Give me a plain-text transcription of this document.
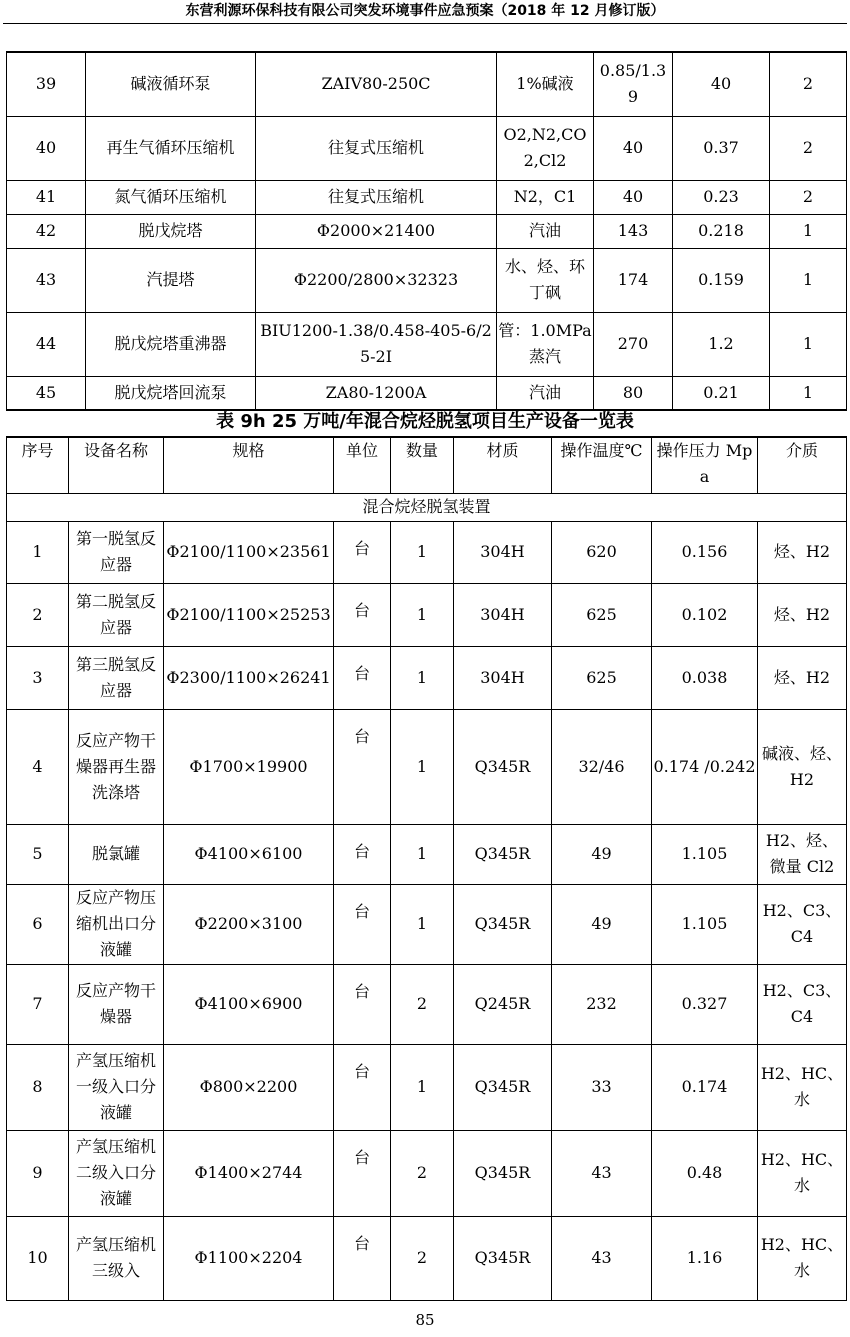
东营利源环保科技有限公司突发环境事件应急预案（2018 年 12 月修订版）
39	碱液循环泵	ZAIV80-250C	1%碱液	0.85/1.39	40	2
40	再生气循环压缩机	往复式压缩机	O2,N2,CO2,Cl2	40	0.37	2
41	氮气循环压缩机	往复式压缩机	N2，C1	40	0.23	2
42	脱戊烷塔	Φ2000×21400	汽油	143	0.218	1
43	汽提塔	Φ2200/2800×32323	水、烃、环丁砜	174	0.159	1
44	脱戊烷塔重沸器	BIU1200-1.38/0.458-405-6/25-2I	管：1.0MPa蒸汽	270	1.2	1
45	脱戊烷塔回流泵	ZA80-1200A	汽油	80	0.21	1
表 9h 25 万吨/年混合烷烃脱氢项目生产设备一览表
序号	设备名称	规格	单位	数量	材质	操作温度℃	操作压力 Mpa	介质
混合烷烃脱氢装置								
1	第一脱氢反应器	Φ2100/1100×23561	台	1	304H	620	0.156	烃、H2
2	第二脱氢反应器	Φ2100/1100×25253	台	1	304H	625	0.102	烃、H2
3	第三脱氢反应器	Φ2300/1100×26241	台	1	304H	625	0.038	烃、H2
4	反应产物干燥器再生器洗涤塔	Φ1700×19900	台	1	Q345R	32/46	0.174 /0.242	碱液、烃、H2
5	脱氯罐	Φ4100×6100	台	1	Q345R	49	1.105	H2、烃、微量 Cl2
6	反应产物压缩机出口分液罐	Φ2200×3100	台	1	Q345R	49	1.105	H2、C3、C4
7	反应产物干燥器	Φ4100×6900	台	2	Q245R	232	0.327	H2、C3、C4
8	产氢压缩机一级入口分液罐	Φ800×2200	台	1	Q345R	33	0.174	H2、HC、水
9	产氢压缩机二级入口分液罐	Φ1400×2744	台	2	Q345R	43	0.48	H2、HC、水
10	产氢压缩机三级入	Φ1100×2204	台	2	Q345R	43	1.16	H2、HC、水
85
